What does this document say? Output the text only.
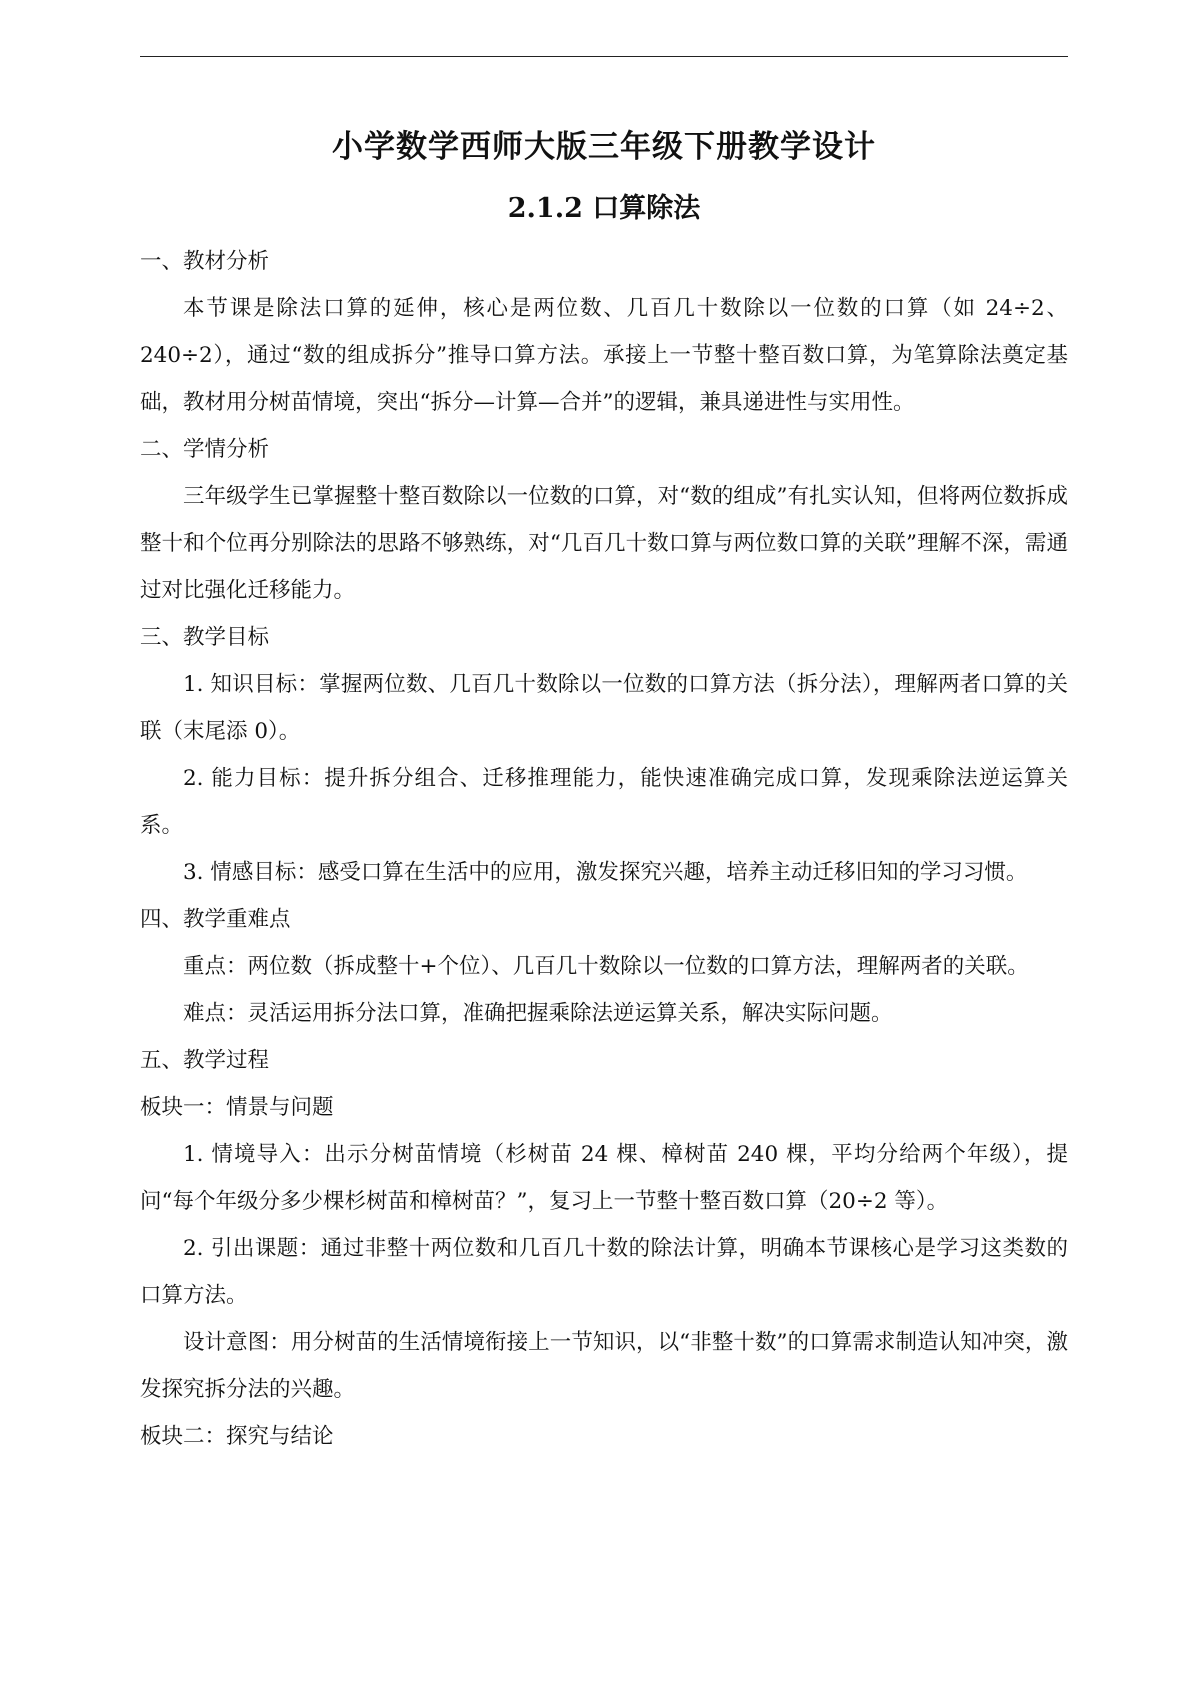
小学数学西师大版三年级下册教学设计
2.1.2 口算除法

一、教材分析

本节课是除法口算的延伸，核心是两位数、几百几十数除以一位数的口算（如 24÷2、240÷2），通过“数的组成拆分”推导口算方法。承接上一节整十整百数口算，为笔算除法奠定基础，教材用分树苗情境，突出“拆分—计算—合并”的逻辑，兼具递进性与实用性。

二、学情分析

三年级学生已掌握整十整百数除以一位数的口算，对“数的组成”有扎实认知，但将两位数拆成整十和个位再分别除法的思路不够熟练，对“几百几十数口算与两位数口算的关联”理解不深，需通过对比强化迁移能力。

三、教学目标

1. 知识目标：掌握两位数、几百几十数除以一位数的口算方法（拆分法），理解两者口算的关联（末尾添 0）。

2. 能力目标：提升拆分组合、迁移推理能力，能快速准确完成口算，发现乘除法逆运算关系。

3. 情感目标：感受口算在生活中的应用，激发探究兴趣，培养主动迁移旧知的学习习惯。

四、教学重难点

重点：两位数（拆成整十+个位）、几百几十数除以一位数的口算方法，理解两者的关联。

难点：灵活运用拆分法口算，准确把握乘除法逆运算关系，解决实际问题。

五、教学过程

板块一：情景与问题

1. 情境导入：出示分树苗情境（杉树苗 24 棵、樟树苗 240 棵，平均分给两个年级），提问“每个年级分多少棵杉树苗和樟树苗？”，复习上一节整十整百数口算（20÷2 等）。

2. 引出课题：通过非整十两位数和几百几十数的除法计算，明确本节课核心是学习这类数的口算方法。

设计意图：用分树苗的生活情境衔接上一节知识，以“非整十数”的口算需求制造认知冲突，激发探究拆分法的兴趣。

板块二：探究与结论
